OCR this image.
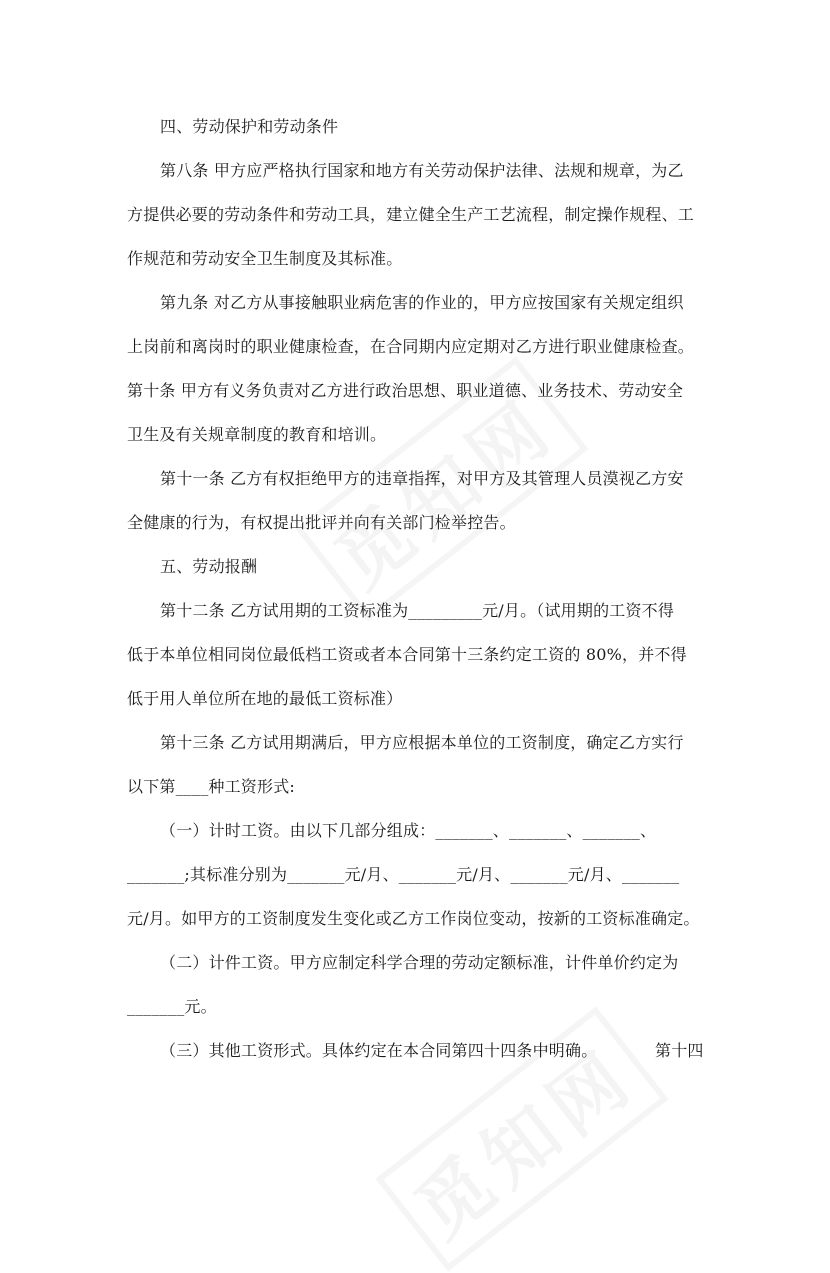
四、劳动保护和劳动条件
第八条 甲方应严格执行国家和地方有关劳动保护法律、法规和规章，为乙
方提供必要的劳动条件和劳动工具，建立健全生产工艺流程，制定操作规程、工
作规范和劳动安全卫生制度及其标准。
第九条 对乙方从事接触职业病危害的作业的，甲方应按国家有关规定组织
上岗前和离岗时的职业健康检查，在合同期内应定期对乙方进行职业健康检查。
第十条 甲方有义务负责对乙方进行政治思想、职业道德、业务技术、劳动安全
卫生及有关规章制度的教育和培训。
第十一条 乙方有权拒绝甲方的违章指挥，对甲方及其管理人员漠视乙方安
全健康的行为，有权提出批评并向有关部门检举控告。
五、劳动报酬
第十二条 乙方试用期的工资标准为_________元/月。（试用期的工资不得
低于本单位相同岗位最低档工资或者本合同第十三条约定工资的 80%，并不得
低于用人单位所在地的最低工资标准）
第十三条 乙方试用期满后，甲方应根据本单位的工资制度，确定乙方实行
以下第____种工资形式:
（一）计时工资。由以下几部分组成：_______、_______、_______、
_______;其标准分别为_______元/月、_______元/月、_______元/月、_______
元/月。如甲方的工资制度发生变化或乙方工作岗位变动，按新的工资标准确定。
（二）计件工资。甲方应制定科学合理的劳动定额标准，计件单价约定为
_______元。
（三）其他工资形式。具体约定在本合同第四十四条中明确。	第十四
